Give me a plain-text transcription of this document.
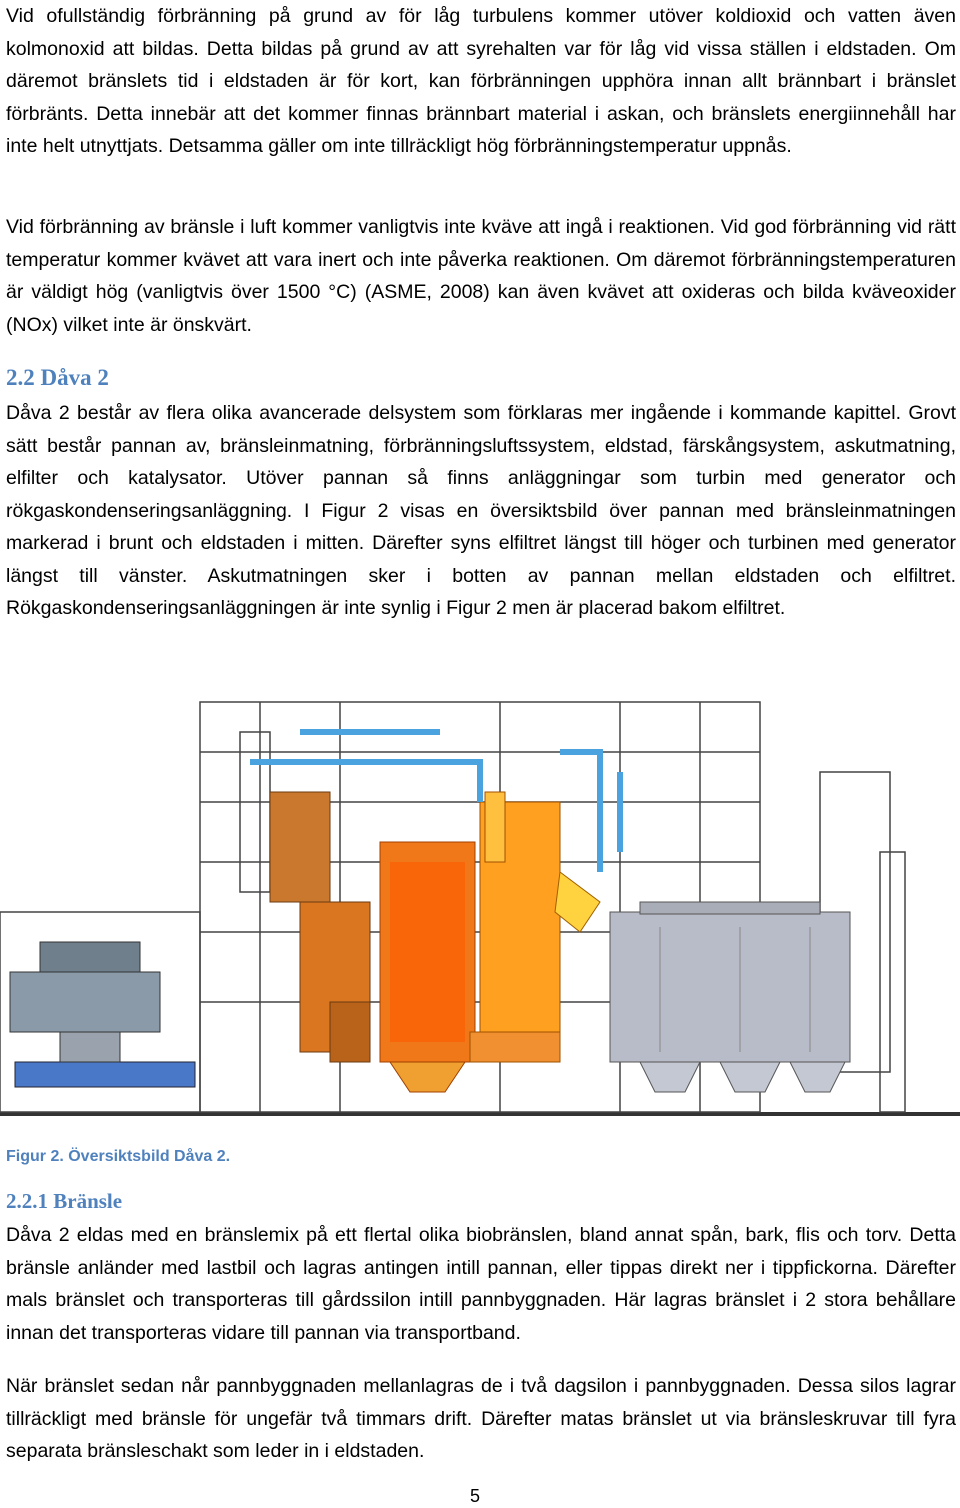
Vid ofullständig förbränning på grund av för låg turbulens kommer utöver koldioxid och vatten även kolmonoxid att bildas. Detta bildas på grund av att syrehalten var för låg vid vissa ställen i eldstaden. Om däremot bränslets tid i eldstaden är för kort, kan förbränningen upphöra innan allt brännbart i bränslet förbränts. Detta innebär att det kommer finnas brännbart material i askan, och bränslets energiinnehåll har inte helt utnyttjats. Detsamma gäller om inte tillräckligt hög förbränningstemperatur uppnås.

Vid förbränning av bränsle i luft kommer vanligtvis inte kväve att ingå i reaktionen. Vid god förbränning vid rätt temperatur kommer kvävet att vara inert och inte påverka reaktionen. Om däremot förbränningstemperaturen är väldigt hög (vanligtvis över 1500 °C) (ASME, 2008) kan även kvävet att oxideras och bilda kväveoxider (NOx) vilket inte är önskvärt.

2.2 Dåva 2

Dåva 2 består av flera olika avancerade delsystem som förklaras mer ingående i kommande kapittel. Grovt sätt består pannan av, bränsleinmatning, förbränningsluftssystem, eldstad, färskångsystem, askutmatning, elfilter och katalysator. Utöver pannan så finns anläggningar som turbin med generator och rökgaskondenseringsanläggning. I Figur 2 visas en översiktsbild över pannan med bränsleinmatningen markerad i brunt och eldstaden i mitten. Därefter syns elfiltret längst till höger och turbinen med generator längst till vänster. Askutmatningen sker i botten av pannan mellan eldstaden och elfiltret. Rökgaskondenseringsanläggningen är inte synlig i Figur 2 men är placerad bakom elfiltret.

Figur 2. Översiktsbild Dåva 2.

2.2.1 Bränsle

Dåva 2 eldas med en bränslemix på ett flertal olika biobränslen, bland annat spån, bark, flis och torv. Detta bränsle anländer med lastbil och lagras antingen intill pannan, eller tippas direkt ner i tippfickorna. Därefter mals bränslet och transporteras till gårdssilon intill pannbyggnaden. Här lagras bränslet i 2 stora behållare innan det transporteras vidare till pannan via transportband.

När bränslet sedan når pannbyggnaden mellanlagras de i två dagsilon i pannbyggnaden. Dessa silos lagrar tillräckligt med bränsle för ungefär två timmars drift. Därefter matas bränslet ut via bränsleskruvar till fyra separata bränsleschakt som leder in i eldstaden.

5
